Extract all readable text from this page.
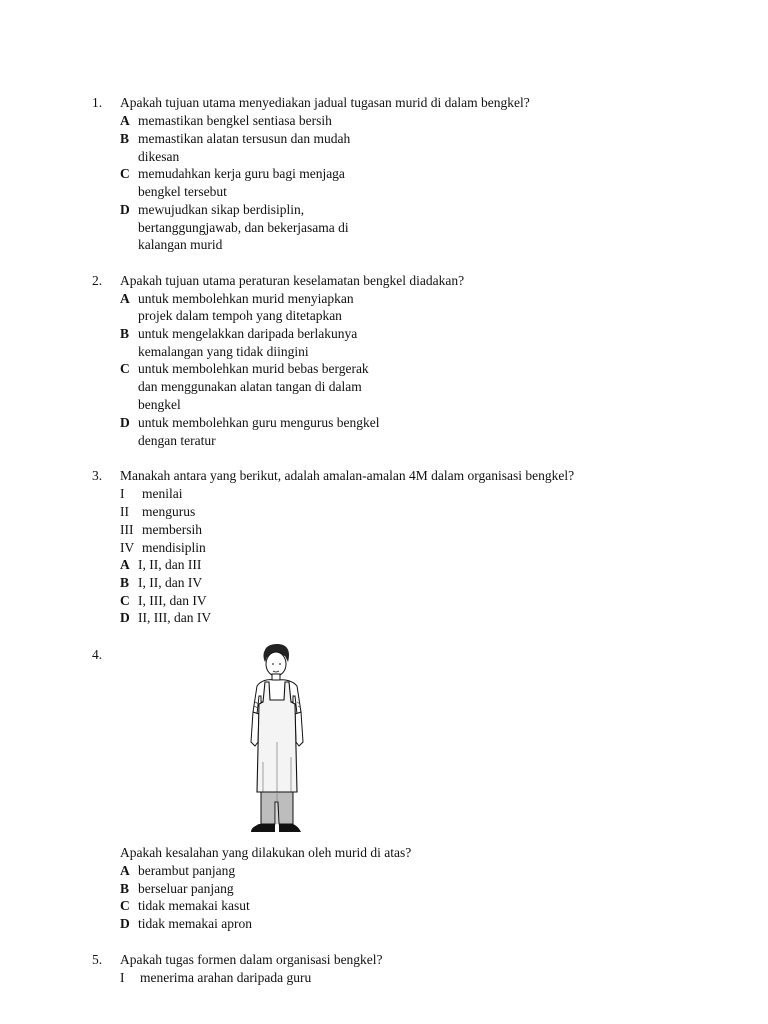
1. Apakah tujuan utama menyediakan jadual tugasan murid di dalam bengkel?
A memastikan bengkel sentiasa bersih
B memastikan alatan tersusun dan mudah
dikesan
C memudahkan kerja guru bagi menjaga
bengkel tersebut
D mewujudkan sikap berdisiplin,
bertanggungjawab, dan bekerjasama di
kalangan murid
2. Apakah tujuan utama peraturan keselamatan bengkel diadakan?
A untuk membolehkan murid menyiapkan
projek dalam tempoh yang ditetapkan
B untuk mengelakkan daripada berlakunya
kemalangan yang tidak diingini
C untuk membolehkan murid bebas bergerak
dan menggunakan alatan tangan di dalam
bengkel
D untuk membolehkan guru mengurus bengkel
dengan teratur
3. Manakah antara yang berikut, adalah amalan-amalan 4M dalam organisasi bengkel?
I menilai
II mengurus
III membersih
IV mendisiplin
A I, II, dan III
B I, II, dan IV
C I, III, dan IV
D II, III, dan IV
4.
Apakah kesalahan yang dilakukan oleh murid di atas?
A berambut panjang
B berseluar panjang
C tidak memakai kasut
D tidak memakai apron
5. Apakah tugas formen dalam organisasi bengkel?
I menerima arahan daripada guru
